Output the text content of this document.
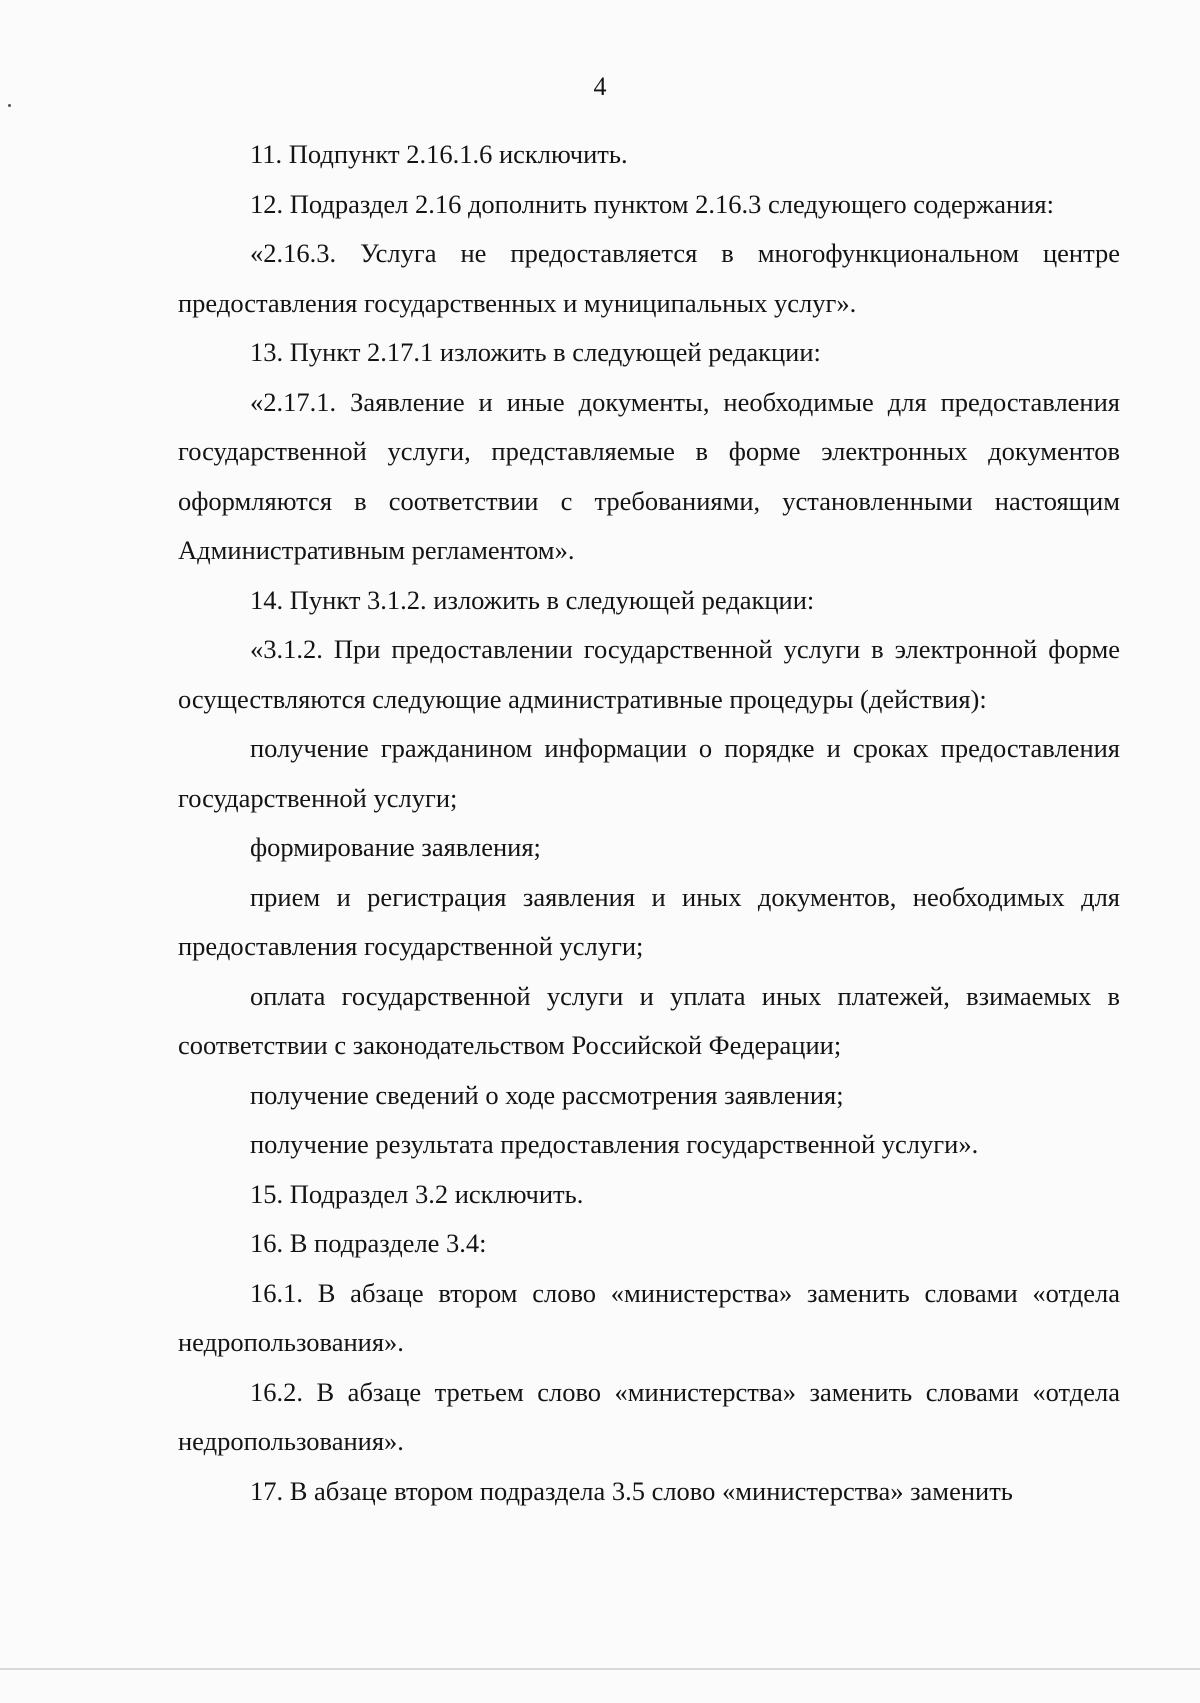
4

11. Подпункт 2.16.1.6 исключить.

12. Подраздел 2.16 дополнить пунктом 2.16.3 следующего содержания:

«2.16.3. Услуга не предоставляется в многофункциональном центре предоставления государственных и муниципальных услуг».

13. Пункт 2.17.1 изложить в следующей редакции:

«2.17.1. Заявление и иные документы, необходимые для предоставления государственной услуги, представляемые в форме электронных документов оформляются в соответствии с требованиями, установленными настоящим Административным регламентом».

14. Пункт 3.1.2. изложить в следующей редакции:

«3.1.2. При предоставлении государственной услуги в электронной форме осуществляются следующие административные процедуры (действия):

получение гражданином информации о порядке и сроках предоставления государственной услуги;

формирование заявления;

прием и регистрация заявления и иных документов, необходимых для предоставления государственной услуги;

оплата государственной услуги и уплата иных платежей, взимаемых в соответствии с законодательством Российской Федерации;

получение сведений о ходе рассмотрения заявления;

получение результата предоставления государственной услуги».

15. Подраздел 3.2 исключить.

16. В подразделе 3.4:

16.1. В абзаце втором слово «министерства» заменить словами «отдела недропользования».

16.2. В абзаце третьем слово «министерства» заменить словами «отдела недропользования».

17. В абзаце втором подраздела 3.5 слово «министерства» заменить
